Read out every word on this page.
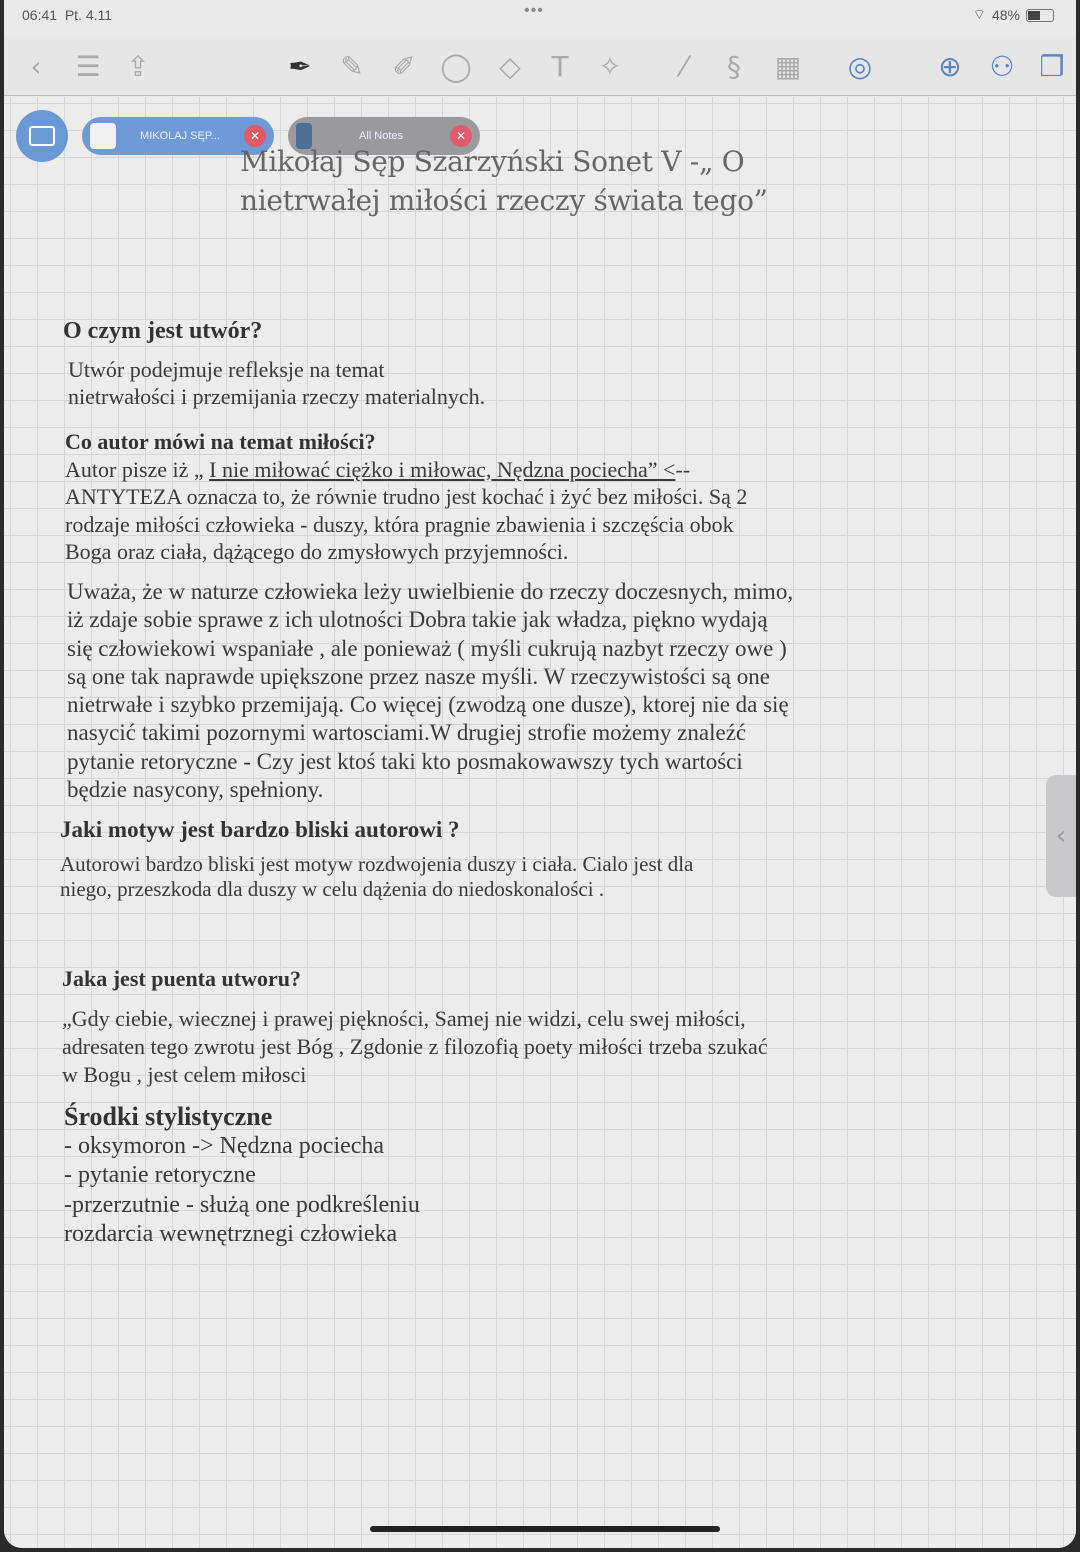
06:41 Pt. 4.11	•••	⌔ 48%
‹	☰ ⇪	✒ ✎ ✐ ◯ ◇	T	✧	⁄	§	▦ ◎ ⊕ ⚇ ❐
MIKOLAJ SĘP...	✕	All Notes	✕
Mikołaj Sęp Szarzyński Sonet V -„ O nietrwałej miłości rzeczy świata tego”
O czym jest utwór?
Utwór podejmuje refleksje na temat
nietrwałości i przemijania rzeczy materialnych.
Co autor mówi na temat miłości?
Autor pisze iż „ I nie miłować ciężko i miłowac, Nędzna pociecha” <--
ANTYTEZA oznacza to, że równie trudno jest kochać i żyć bez miłości. Są 2
rodzaje miłości człowieka - duszy, która pragnie zbawienia i szczęścia obok
Boga oraz ciała, dążącego do zmysłowych przyjemności.
Uważa, że w naturze człowieka leży uwielbienie do rzeczy doczesnych, mimo,
iż zdaje sobie sprawe z ich ulotności Dobra takie jak władza, piękno wydają
się człowiekowi wspaniałe , ale ponieważ ( myśli cukrują nazbyt rzeczy owe )
są one tak naprawde upiększone przez nasze myśli. W rzeczywistości są one
nietrwałe i szybko przemijają. Co więcej (zwodzą one dusze), ktorej nie da się
nasycić takimi pozornymi wartosciami.W drugiej strofie możemy znaleźć
pytanie retoryczne - Czy jest ktoś taki kto posmakowawszy tych wartości
będzie nasycony, spełniony.
Jaki motyw jest bardzo bliski autorowi ?
Autorowi bardzo bliski jest motyw rozdwojenia duszy i ciała. Cialo jest dla
niego, przeszkoda dla duszy w celu dążenia do niedoskonalości .
Jaka jest puenta utworu?
„Gdy ciebie, wiecznej i prawej piękności, Samej nie widzi, celu swej miłości,
adresaten tego zwrotu jest Bóg , Zgdonie z filozofią poety miłości trzeba szukać
w Bogu , jest celem miłosci
Środki stylistyczne
- oksymoron -> Nędzna pociecha
- pytanie retoryczne
-przerzutnie - służą one podkreśleniu
rozdarcia wewnętrznegi człowieka
‹
